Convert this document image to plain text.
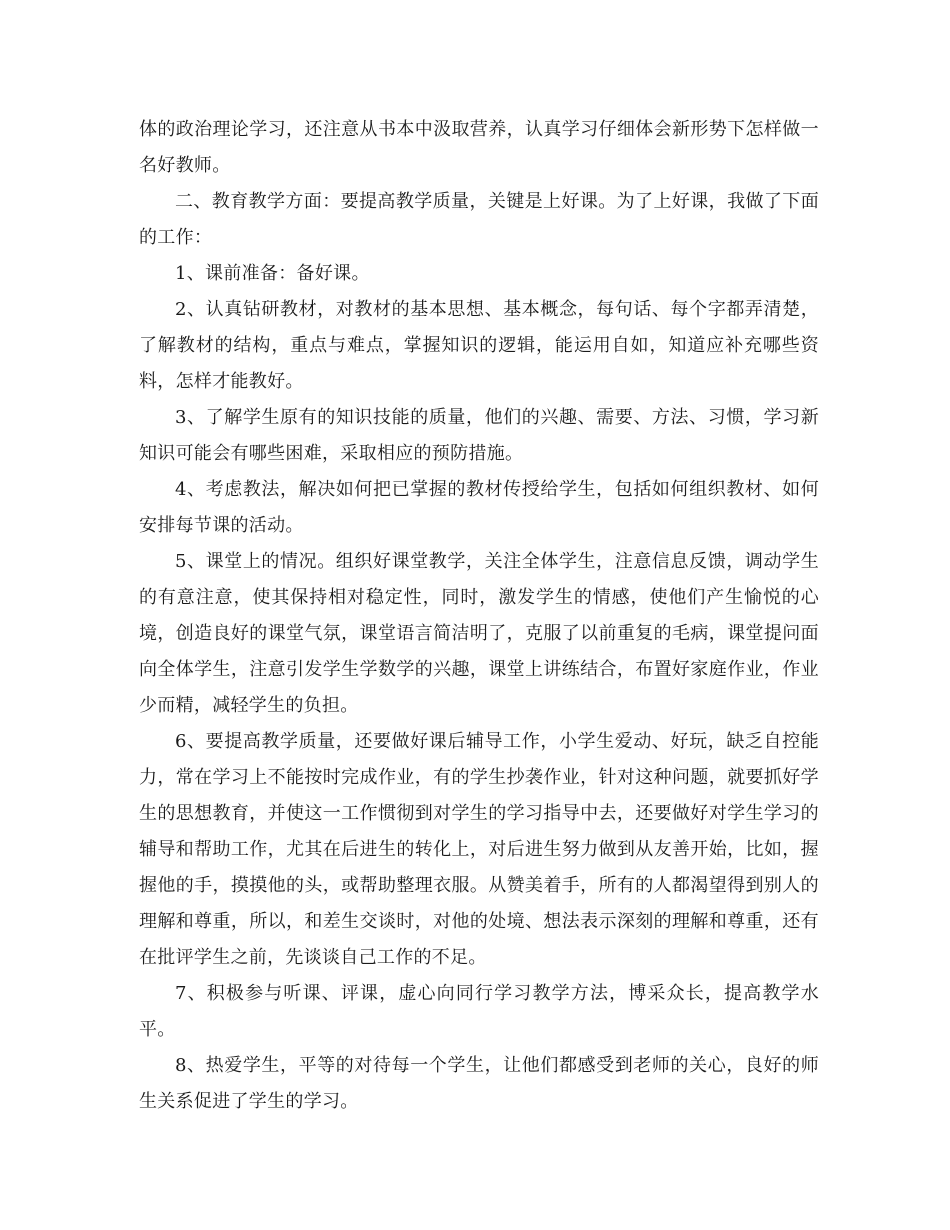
体的政治理论学习，还注意从书本中汲取营养，认真学习仔细体会新形势下怎样做一名好教师。

二、教育教学方面：要提高教学质量，关键是上好课。为了上好课，我做了下面的工作：

1、课前准备：备好课。

2、认真钻研教材，对教材的基本思想、基本概念，每句话、每个字都弄清楚，了解教材的结构，重点与难点，掌握知识的逻辑，能运用自如，知道应补充哪些资料，怎样才能教好。

3、了解学生原有的知识技能的质量，他们的兴趣、需要、方法、习惯，学习新知识可能会有哪些困难，采取相应的预防措施。

4、考虑教法，解决如何把已掌握的教材传授给学生，包括如何组织教材、如何安排每节课的活动。

5、课堂上的情况。组织好课堂教学，关注全体学生，注意信息反馈，调动学生的有意注意，使其保持相对稳定性，同时，激发学生的情感，使他们产生愉悦的心境，创造良好的课堂气氛，课堂语言简洁明了，克服了以前重复的毛病，课堂提问面向全体学生，注意引发学生学数学的兴趣，课堂上讲练结合，布置好家庭作业，作业少而精，减轻学生的负担。

6、要提高教学质量，还要做好课后辅导工作，小学生爱动、好玩，缺乏自控能力，常在学习上不能按时完成作业，有的学生抄袭作业，针对这种问题，就要抓好学生的思想教育，并使这一工作惯彻到对学生的学习指导中去，还要做好对学生学习的辅导和帮助工作，尤其在后进生的转化上，对后进生努力做到从友善开始，比如，握握他的手，摸摸他的头，或帮助整理衣服。从赞美着手，所有的人都渴望得到别人的理解和尊重，所以，和差生交谈时，对他的处境、想法表示深刻的理解和尊重，还有在批评学生之前，先谈谈自己工作的不足。

7、积极参与听课、评课，虚心向同行学习教学方法，博采众长，提高教学水平。

8、热爱学生，平等的对待每一个学生，让他们都感受到老师的关心，良好的师生关系促进了学生的学习。
